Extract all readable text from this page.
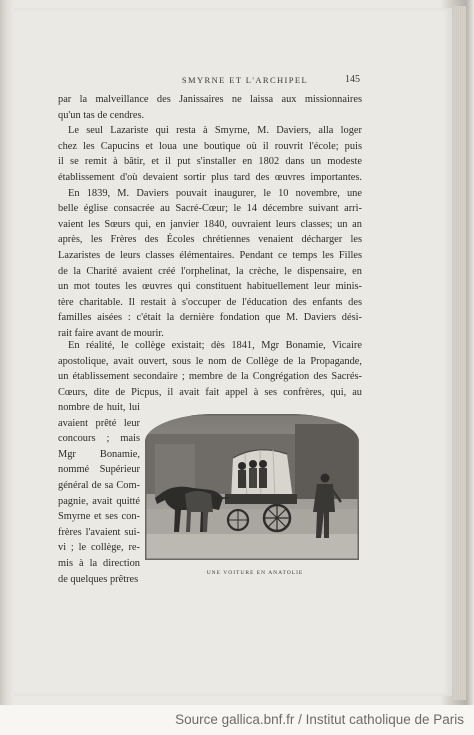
SMYRNE ET L'ARCHIPEL	145
par la malveillance des Janissaires ne laissa aux missionnaires
qu'un tas de cendres.
Le seul Lazariste qui resta à Smyrne, M. Daviers, alla loger
chez les Capucins et loua une boutique où il rouvrit l'école; puis
il se remit à bâtir, et il put s'installer en 1802 dans un modeste
établissement d'où devaient sortir plus tard des œuvres importantes.
En 1839, M. Daviers pouvait inaugurer, le 10 novembre, une
belle église consacrée au Sacré-Cœur; le 14 décembre suivant arri-
vaient les Sœurs qui, en janvier 1840, ouvraient leurs classes; un an
après, les Frères des Écoles chrétiennes venaient décharger les
Lazaristes de leurs classes élémentaires. Pendant ce temps les Filles
de la Charité avaient créé l'orphelinat, la crèche, le dispensaire, en
un mot toutes les œuvres qui constituent habituellement leur minis-
tère charitable. Il restait à s'occuper de l'éducation des enfants des
familles aisées : c'était la dernière fondation que M. Daviers dési-
rait faire avant de mourir.
En réalité, le collège existait; dès 1841, Mgr Bonamie, Vicaire
apostolique, avait ouvert, sous le nom de Collège de la Propagande,
un établissement secondaire ; membre de la Congrégation des Sacrés-
Cœurs, dite de Picpus, il avait fait appel à ses confrères, qui, au
nombre de huit, lui
avaient prêté leur
concours ; mais
Mgr Bonamie,
nommé Supérieur
général de sa Com-
pagnie, avait quitté
Smyrne et ses con-
frères l'avaient sui-
vi ; le collège, re-
mis à la direction
de quelques prêtres
UNE VOITURE EN ANATOLIE
Source gallica.bnf.fr / Institut catholique de Paris
